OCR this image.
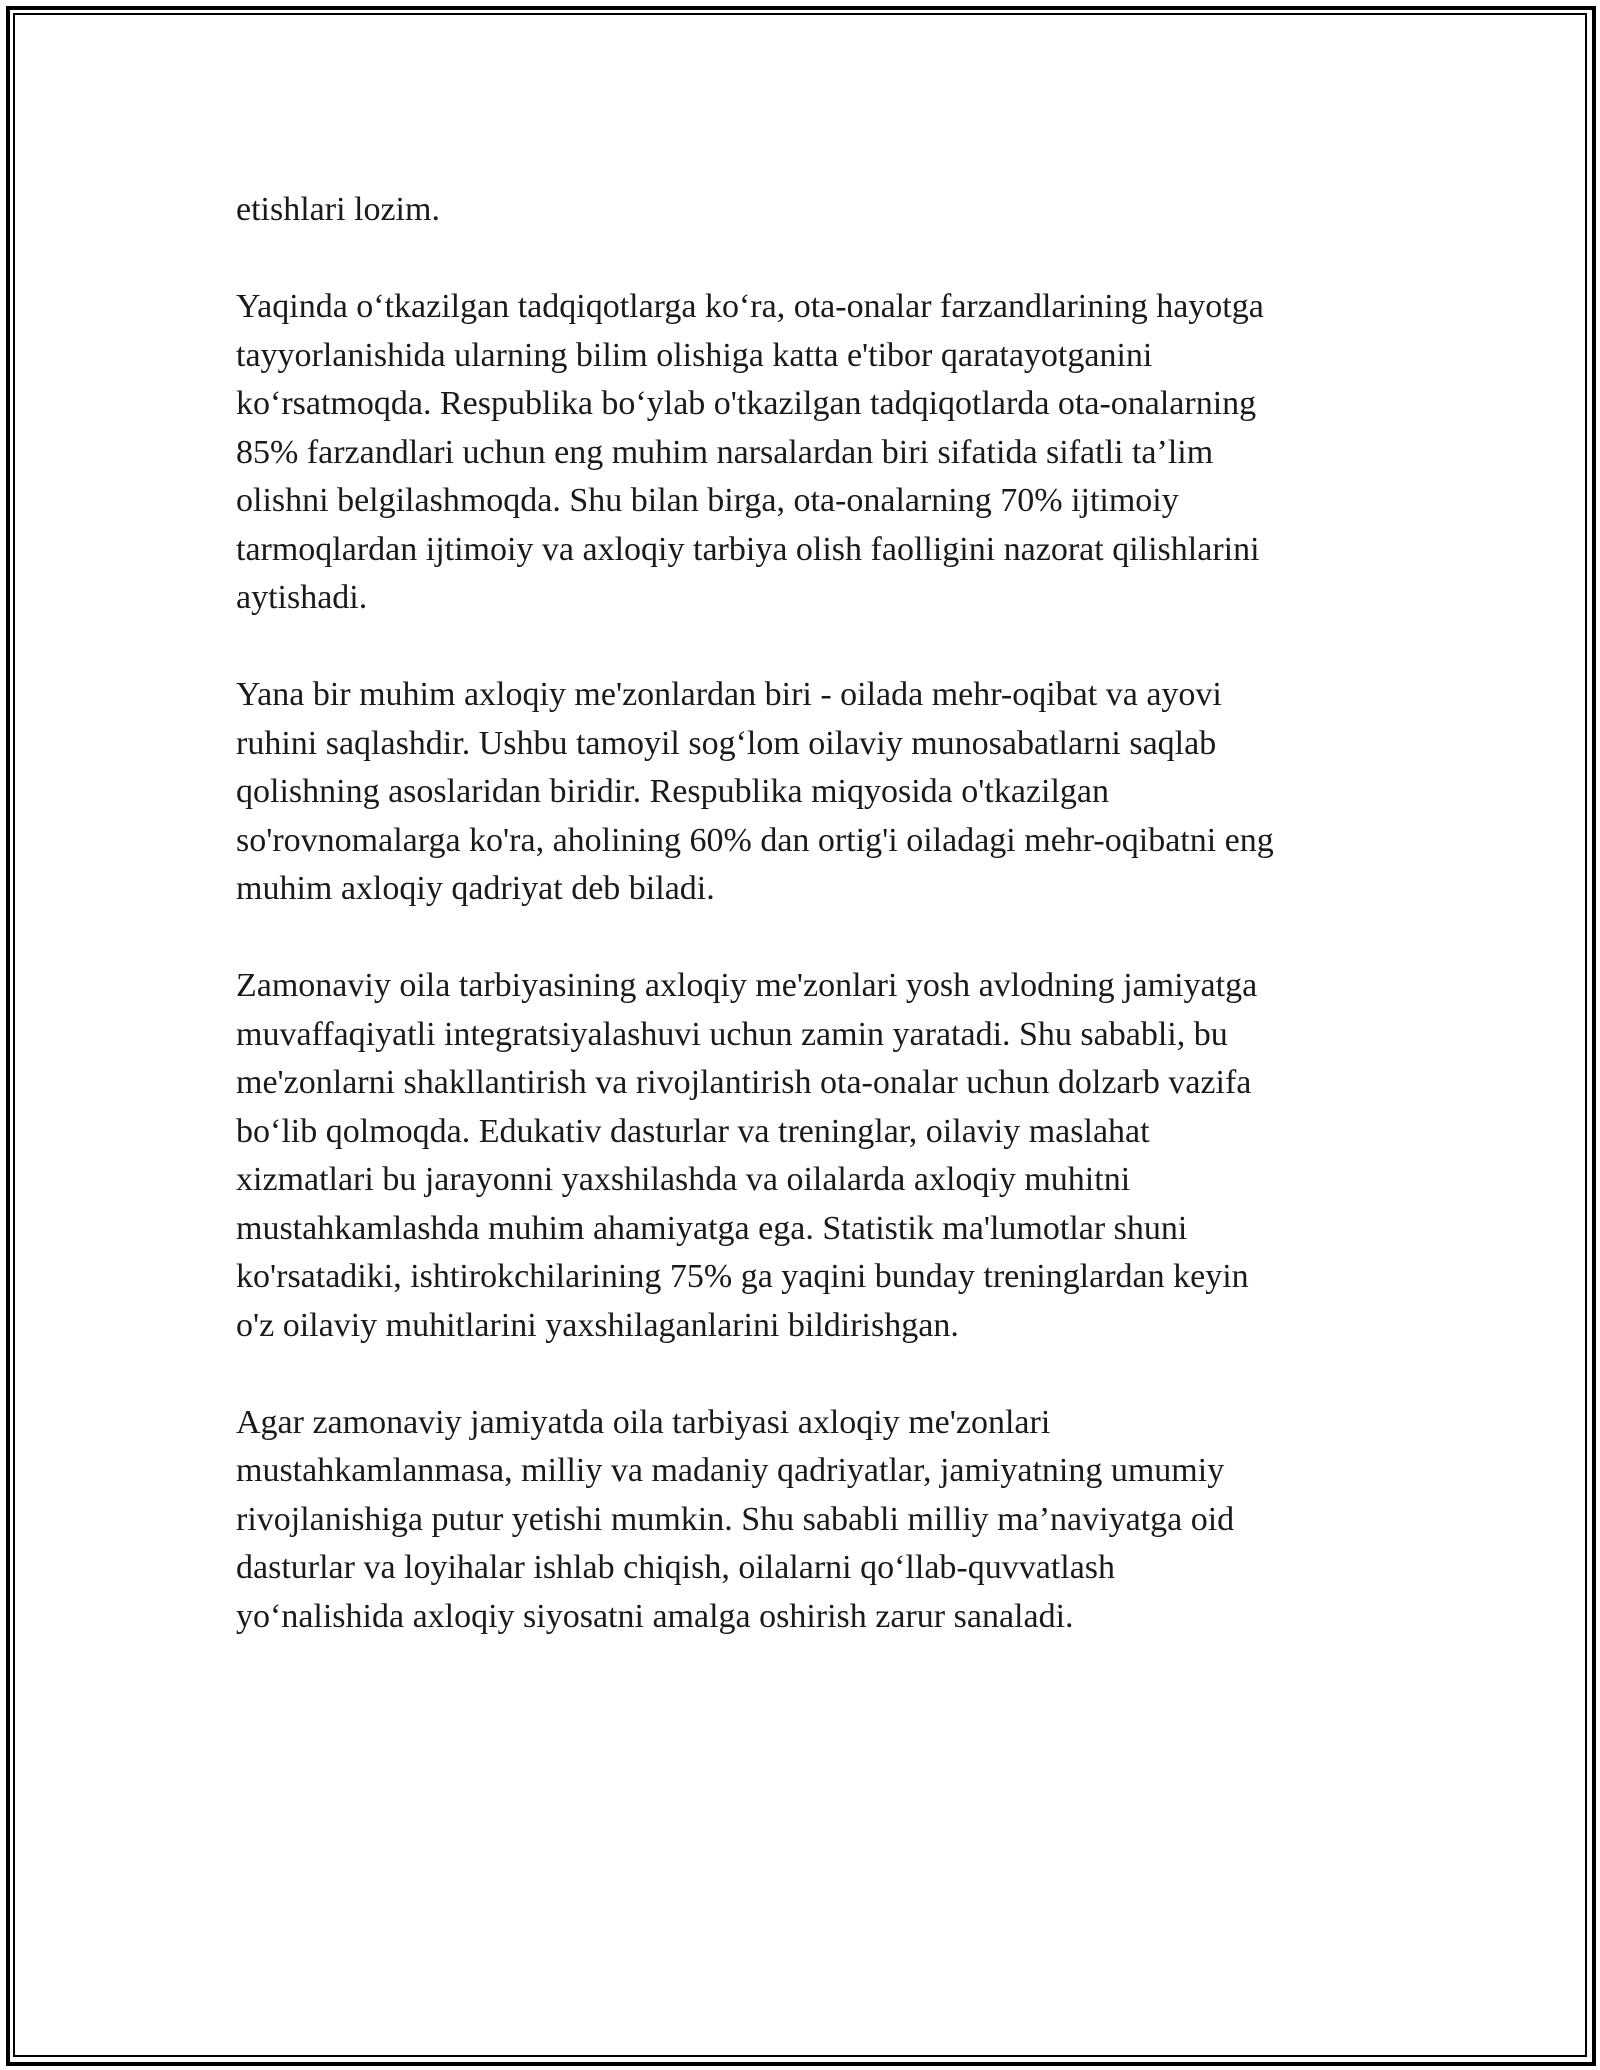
etishlari lozim.

Yaqinda o‘tkazilgan tadqiqotlarga ko‘ra, ota-onalar farzandlarining hayotga
tayyorlanishida ularning bilim olishiga katta e'tibor qaratayotganini
ko‘rsatmoqda. Respublika bo‘ylab o'tkazilgan tadqiqotlarda ota-onalarning
85% farzandlari uchun eng muhim narsalardan biri sifatida sifatli ta’lim
olishni belgilashmoqda. Shu bilan birga, ota-onalarning 70% ijtimoiy
tarmoqlardan ijtimoiy va axloqiy tarbiya olish faolligini nazorat qilishlarini
aytishadi.

Yana bir muhim axloqiy me'zonlardan biri - oilada mehr-oqibat va ayovi
ruhini saqlashdir. Ushbu tamoyil sog‘lom oilaviy munosabatlarni saqlab
qolishning asoslaridan biridir. Respublika miqyosida o'tkazilgan
so'rovnomalarga ko'ra, aholining 60% dan ortig'i oiladagi mehr-oqibatni eng
muhim axloqiy qadriyat deb biladi.

Zamonaviy oila tarbiyasining axloqiy me'zonlari yosh avlodning jamiyatga
muvaffaqiyatli integratsiyalashuvi uchun zamin yaratadi. Shu sababli, bu
me'zonlarni shakllantirish va rivojlantirish ota-onalar uchun dolzarb vazifa
bo‘lib qolmoqda. Edukativ dasturlar va treninglar, oilaviy maslahat
xizmatlari bu jarayonni yaxshilashda va oilalarda axloqiy muhitni
mustahkamlashda muhim ahamiyatga ega. Statistik ma'lumotlar shuni
ko'rsatadiki, ishtirokchilarining 75% ga yaqini bunday treninglardan keyin
o'z oilaviy muhitlarini yaxshilaganlarini bildirishgan.

Agar zamonaviy jamiyatda oila tarbiyasi axloqiy me'zonlari
mustahkamlanmasa, milliy va madaniy qadriyatlar, jamiyatning umumiy
rivojlanishiga putur yetishi mumkin. Shu sababli milliy ma’naviyatga oid
dasturlar va loyihalar ishlab chiqish, oilalarni qo‘llab-quvvatlash
yo‘nalishida axloqiy siyosatni amalga oshirish zarur sanaladi.
